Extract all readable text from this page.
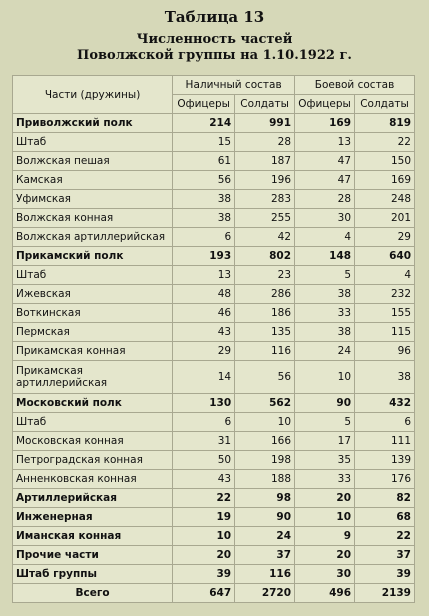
Таблица 13
Численность частей
Поволжской группы на 1.10.1922 г.
Части (дружины)	Наличный состав		Боевой состав	
	Офицеры	Солдаты	Офицеры	Солдаты
Приволжский полк	214	991	169	819
Штаб	15	28	13	22
Волжская пешая	61	187	47	150
Камская	56	196	47	169
Уфимская	38	283	28	248
Волжская конная	38	255	30	201
Волжская артиллерийская	6	42	4	29
Прикамский полк	193	802	148	640
Штаб	13	23	5	4
Ижевская	48	286	38	232
Воткинская	46	186	33	155
Пермская	43	135	38	115
Прикамская конная	29	116	24	96
Прикамская артиллерийская	14	56	10	38
Московский полк	130	562	90	432
Штаб	6	10	5	6
Московская конная	31	166	17	111
Петроградская конная	50	198	35	139
Анненковская конная	43	188	33	176
Артиллерийская	22	98	20	82
Инженерная	19	90	10	68
Иманская конная	10	24	9	22
Прочие части	20	37	20	37
Штаб группы	39	116	30	39
Всего	647	2720	496	2139
